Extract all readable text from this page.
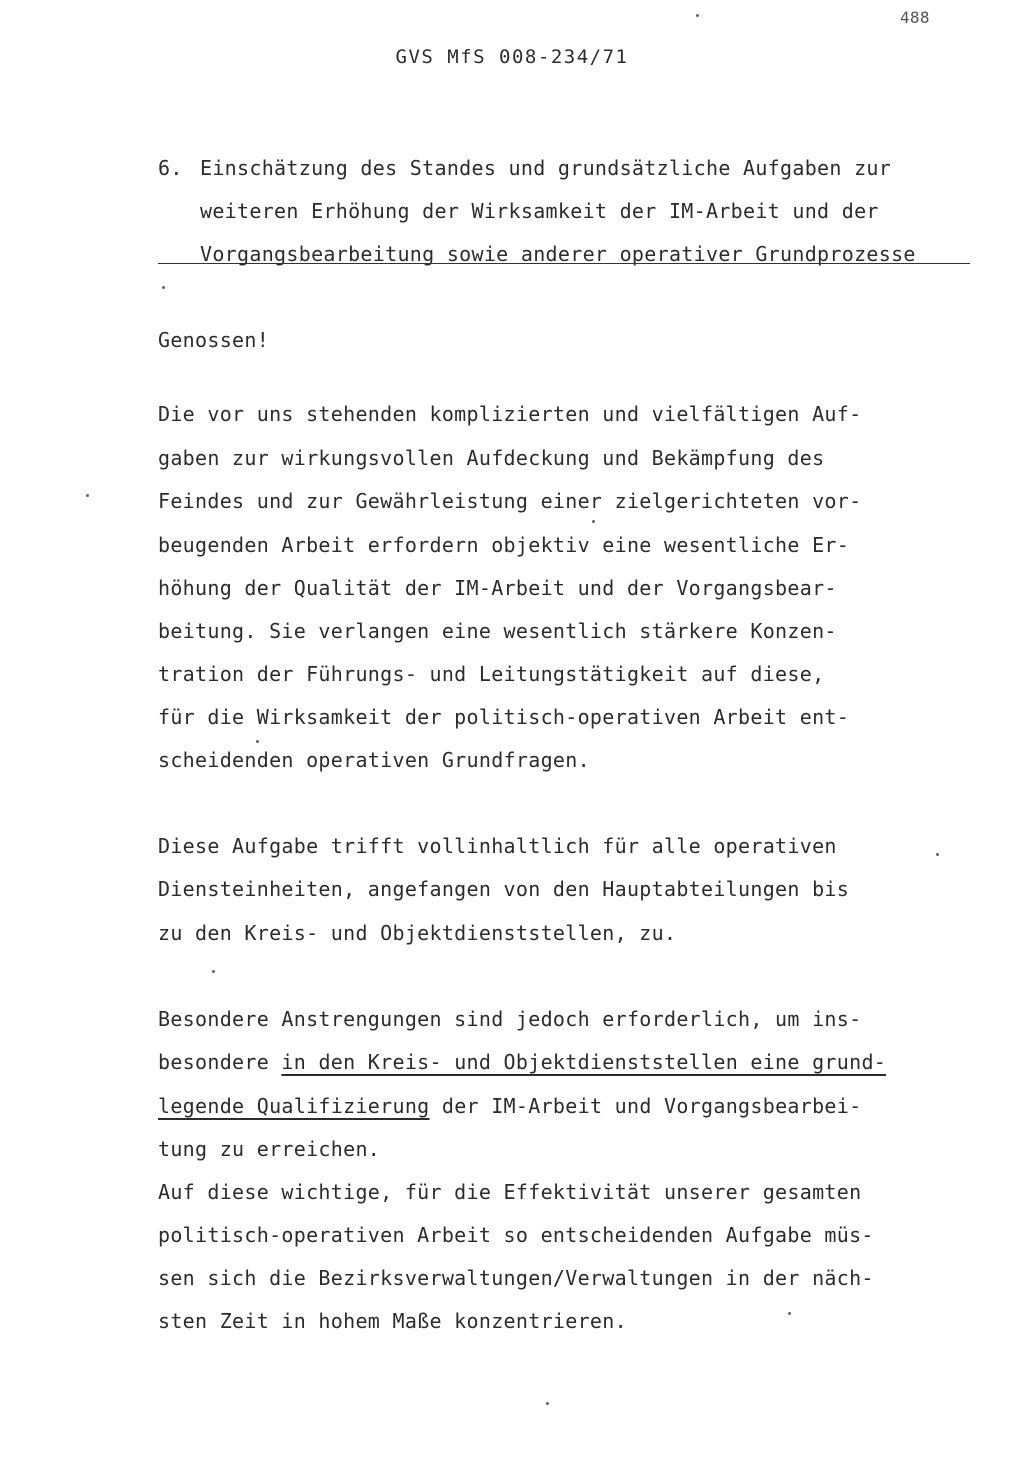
488
GVS MfS 008-234/71
6. Einschätzung des Standes und grundsätzliche Aufgaben zur
weiteren Erhöhung der Wirksamkeit der IM-Arbeit und der
Vorgangsbearbeitung sowie anderer operativer Grundprozesse
Genossen!
Die vor uns stehenden komplizierten und vielfältigen Auf-
gaben zur wirkungsvollen Aufdeckung und Bekämpfung des
Feindes und zur Gewährleistung einer zielgerichteten vor-
beugenden Arbeit erfordern objektiv eine wesentliche Er-
höhung der Qualität der IM-Arbeit und der Vorgangsbear-
beitung. Sie verlangen eine wesentlich stärkere Konzen-
tration der Führungs- und Leitungstätigkeit auf diese,
für die Wirksamkeit der politisch-operativen Arbeit ent-
scheidenden operativen Grundfragen.
Diese Aufgabe trifft vollinhaltlich für alle operativen
Diensteinheiten, angefangen von den Hauptabteilungen bis
zu den Kreis- und Objektdienststellen, zu.
Besondere Anstrengungen sind jedoch erforderlich, um ins-
besondere in den Kreis- und Objektdienststellen eine grund-
legende Qualifizierung der IM-Arbeit und Vorgangsbearbei-
tung zu erreichen.
Auf diese wichtige, für die Effektivität unserer gesamten
politisch-operativen Arbeit so entscheidenden Aufgabe müs-
sen sich die Bezirksverwaltungen/Verwaltungen in der näch-
sten Zeit in hohem Maße konzentrieren.
